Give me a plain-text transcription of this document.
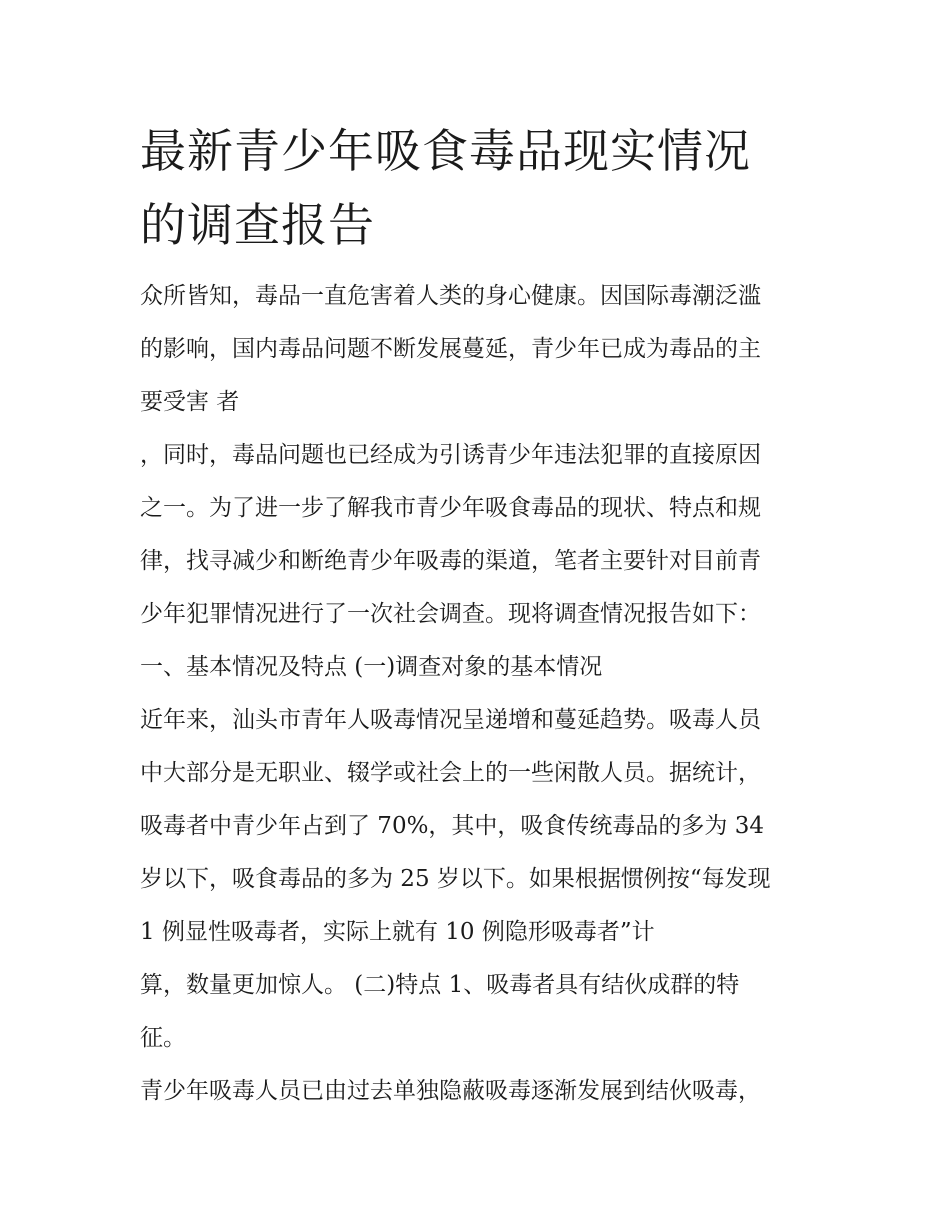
最新青少年吸食毒品现实情况
的调查报告
众所皆知，毒品一直危害着人类的身心健康。因国际毒潮泛滥
的影响，国内毒品问题不断发展蔓延，青少年已成为毒品的主
要受害 者
，同时，毒品问题也已经成为引诱青少年违法犯罪的直接原因
之一。为了进一步了解我市青少年吸食毒品的现状、特点和规
律，找寻减少和断绝青少年吸毒的渠道，笔者主要针对目前青
少年犯罪情况进行了一次社会调查。现将调查情况报告如下：
一、基本情况及特点 (一)调查对象的基本情况
近年来，汕头市青年人吸毒情况呈递增和蔓延趋势。吸毒人员
中大部分是无职业、辍学或社会上的一些闲散人员。据统计，
吸毒者中青少年占到了 70%，其中，吸食传统毒品的多为 34
岁以下，吸食毒品的多为 25 岁以下。如果根据惯例按“每发现
1 例显性吸毒者，实际上就有 10 例隐形吸毒者”计
算，数量更加惊人。 (二)特点 1、吸毒者具有结伙成群的特
征。
青少年吸毒人员已由过去单独隐蔽吸毒逐渐发展到结伙吸毒，
